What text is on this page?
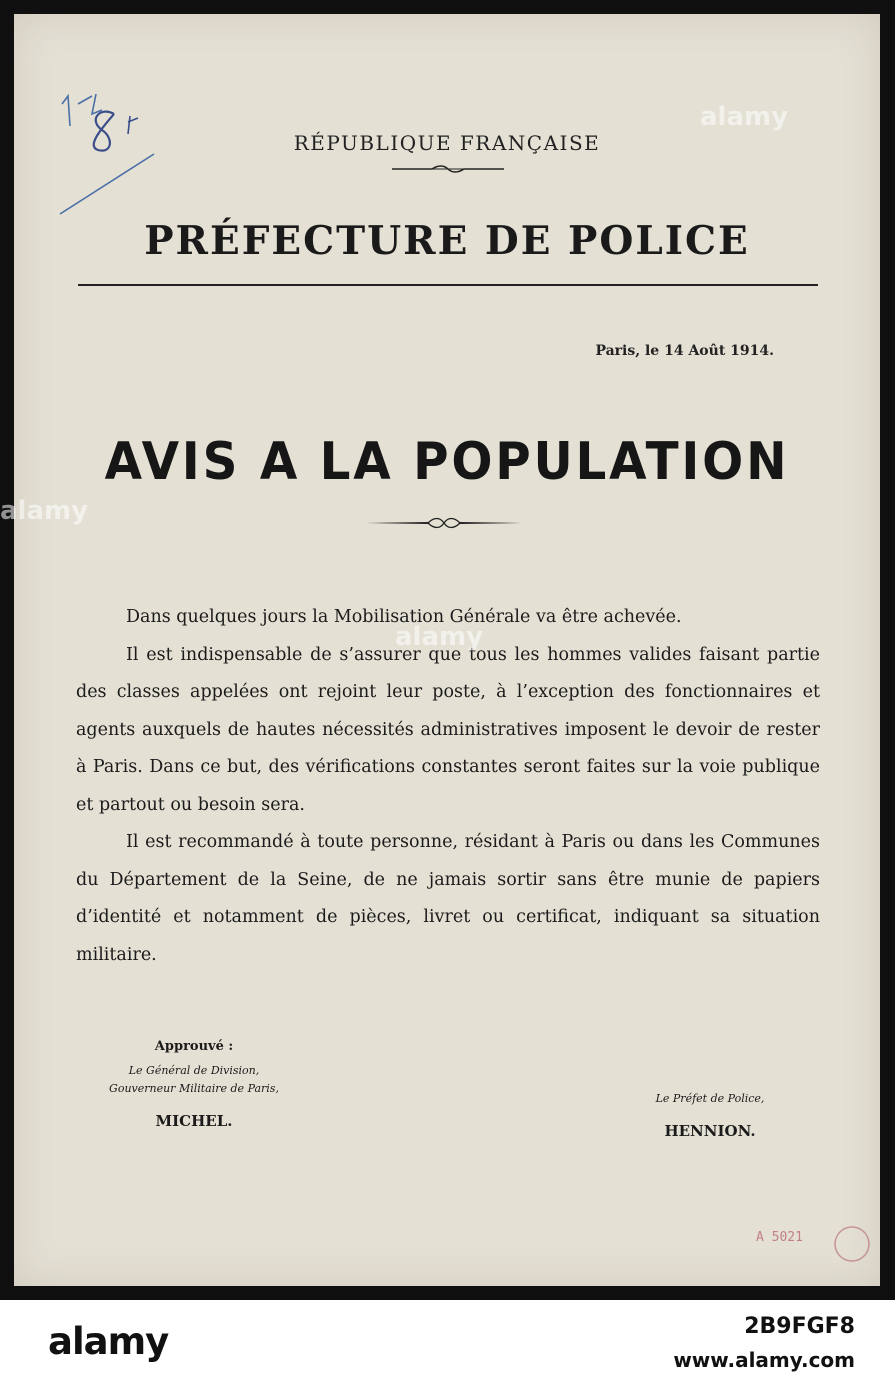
RÉPUBLIQUE FRANÇAISE
PRÉFECTURE DE POLICE
Paris, le 14 Août 1914.
AVIS A LA POPULATION

Dans quelques jours la Mobilisation Générale va être achevée.

Il est indispensable de s’assurer que tous les hommes valides faisant partie des classes appelées ont rejoint leur poste, à l’exception des fonctionnaires et agents auxquels de hautes nécessités administratives imposent le devoir de rester à Paris. Dans ce but, des vérifications constantes seront faites sur la voie publique et partout ou besoin sera.

Il est recommandé à toute personne, résidant à Paris ou dans les Communes du Département de la Seine, de ne jamais sortir sans être munie de papiers d’identité et notamment de pièces, livret ou certificat, indiquant sa situation militaire.

Approuvé :
Le Général de Division,
Gouverneur Militaire de Paris,
MICHEL.
Le Préfet de Police,
HENNION.
A 5021
alamy
alamy
alamy
alamy	2B9FGF8
www.alamy.com
